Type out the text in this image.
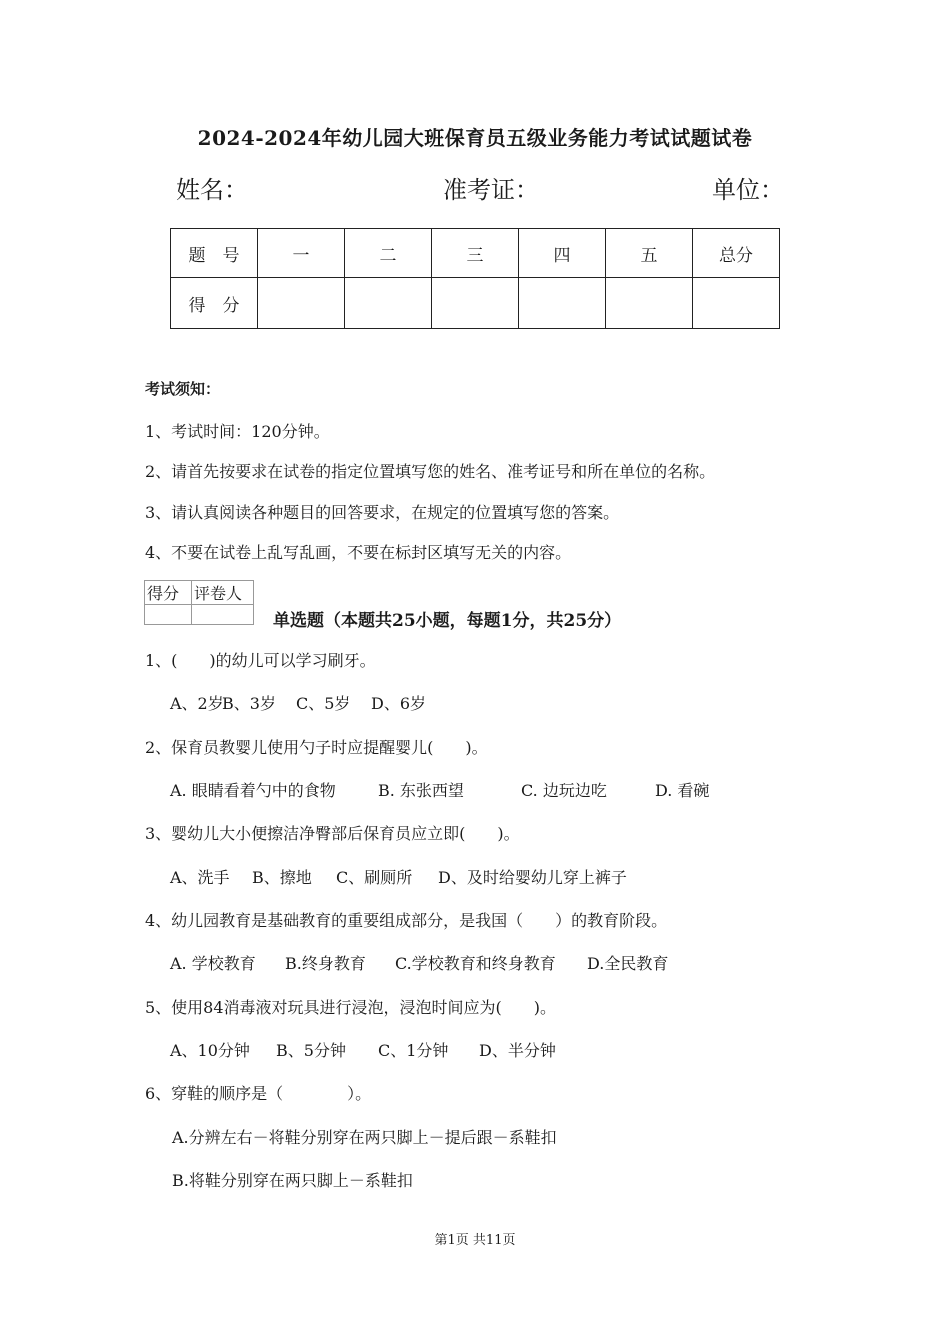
2024-2024年幼儿园大班保育员五级业务能力考试试题试卷
姓名：	准考证：	单位：
题　号	一	二	三	四	五	总分
得　分						
考试须知：
1、考试时间：120分钟。
2、请首先按要求在试卷的指定位置填写您的姓名、准考证号和所在单位的名称。
3、请认真阅读各种题目的回答要求，在规定的位置填写您的答案。
4、不要在试卷上乱写乱画，不要在标封区填写无关的内容。
得分	评卷人

单选题（本题共25小题，每题1分，共25分）
1、(　　)的幼儿可以学习刷牙。
A、2岁B、3岁 C、5岁 D、6岁
2、保育员教婴儿使用勺子时应提醒婴儿(　　)。
A. 眼睛看着勺中的食物	B. 东张西望	C. 边玩边吃	D. 看碗
3、婴幼儿大小便擦洁净臀部后保育员应立即(　　)。
A、洗手 B、擦地 C、刷厕所 D、及时给婴幼儿穿上裤子
4、幼儿园教育是基础教育的重要组成部分，是我国（　　）的教育阶段。
A. 学校教育 B.终身教育 C.学校教育和终身教育 D.全民教育
5、使用84消毒液对玩具进行浸泡，浸泡时间应为(　　)。
A、10分钟 B、5分钟 C、1分钟 D、半分钟
6、穿鞋的顺序是（　　　　）。
A.分辨左右－将鞋分别穿在两只脚上－提后跟－系鞋扣
B.将鞋分别穿在两只脚上－系鞋扣
第1页 共11页
